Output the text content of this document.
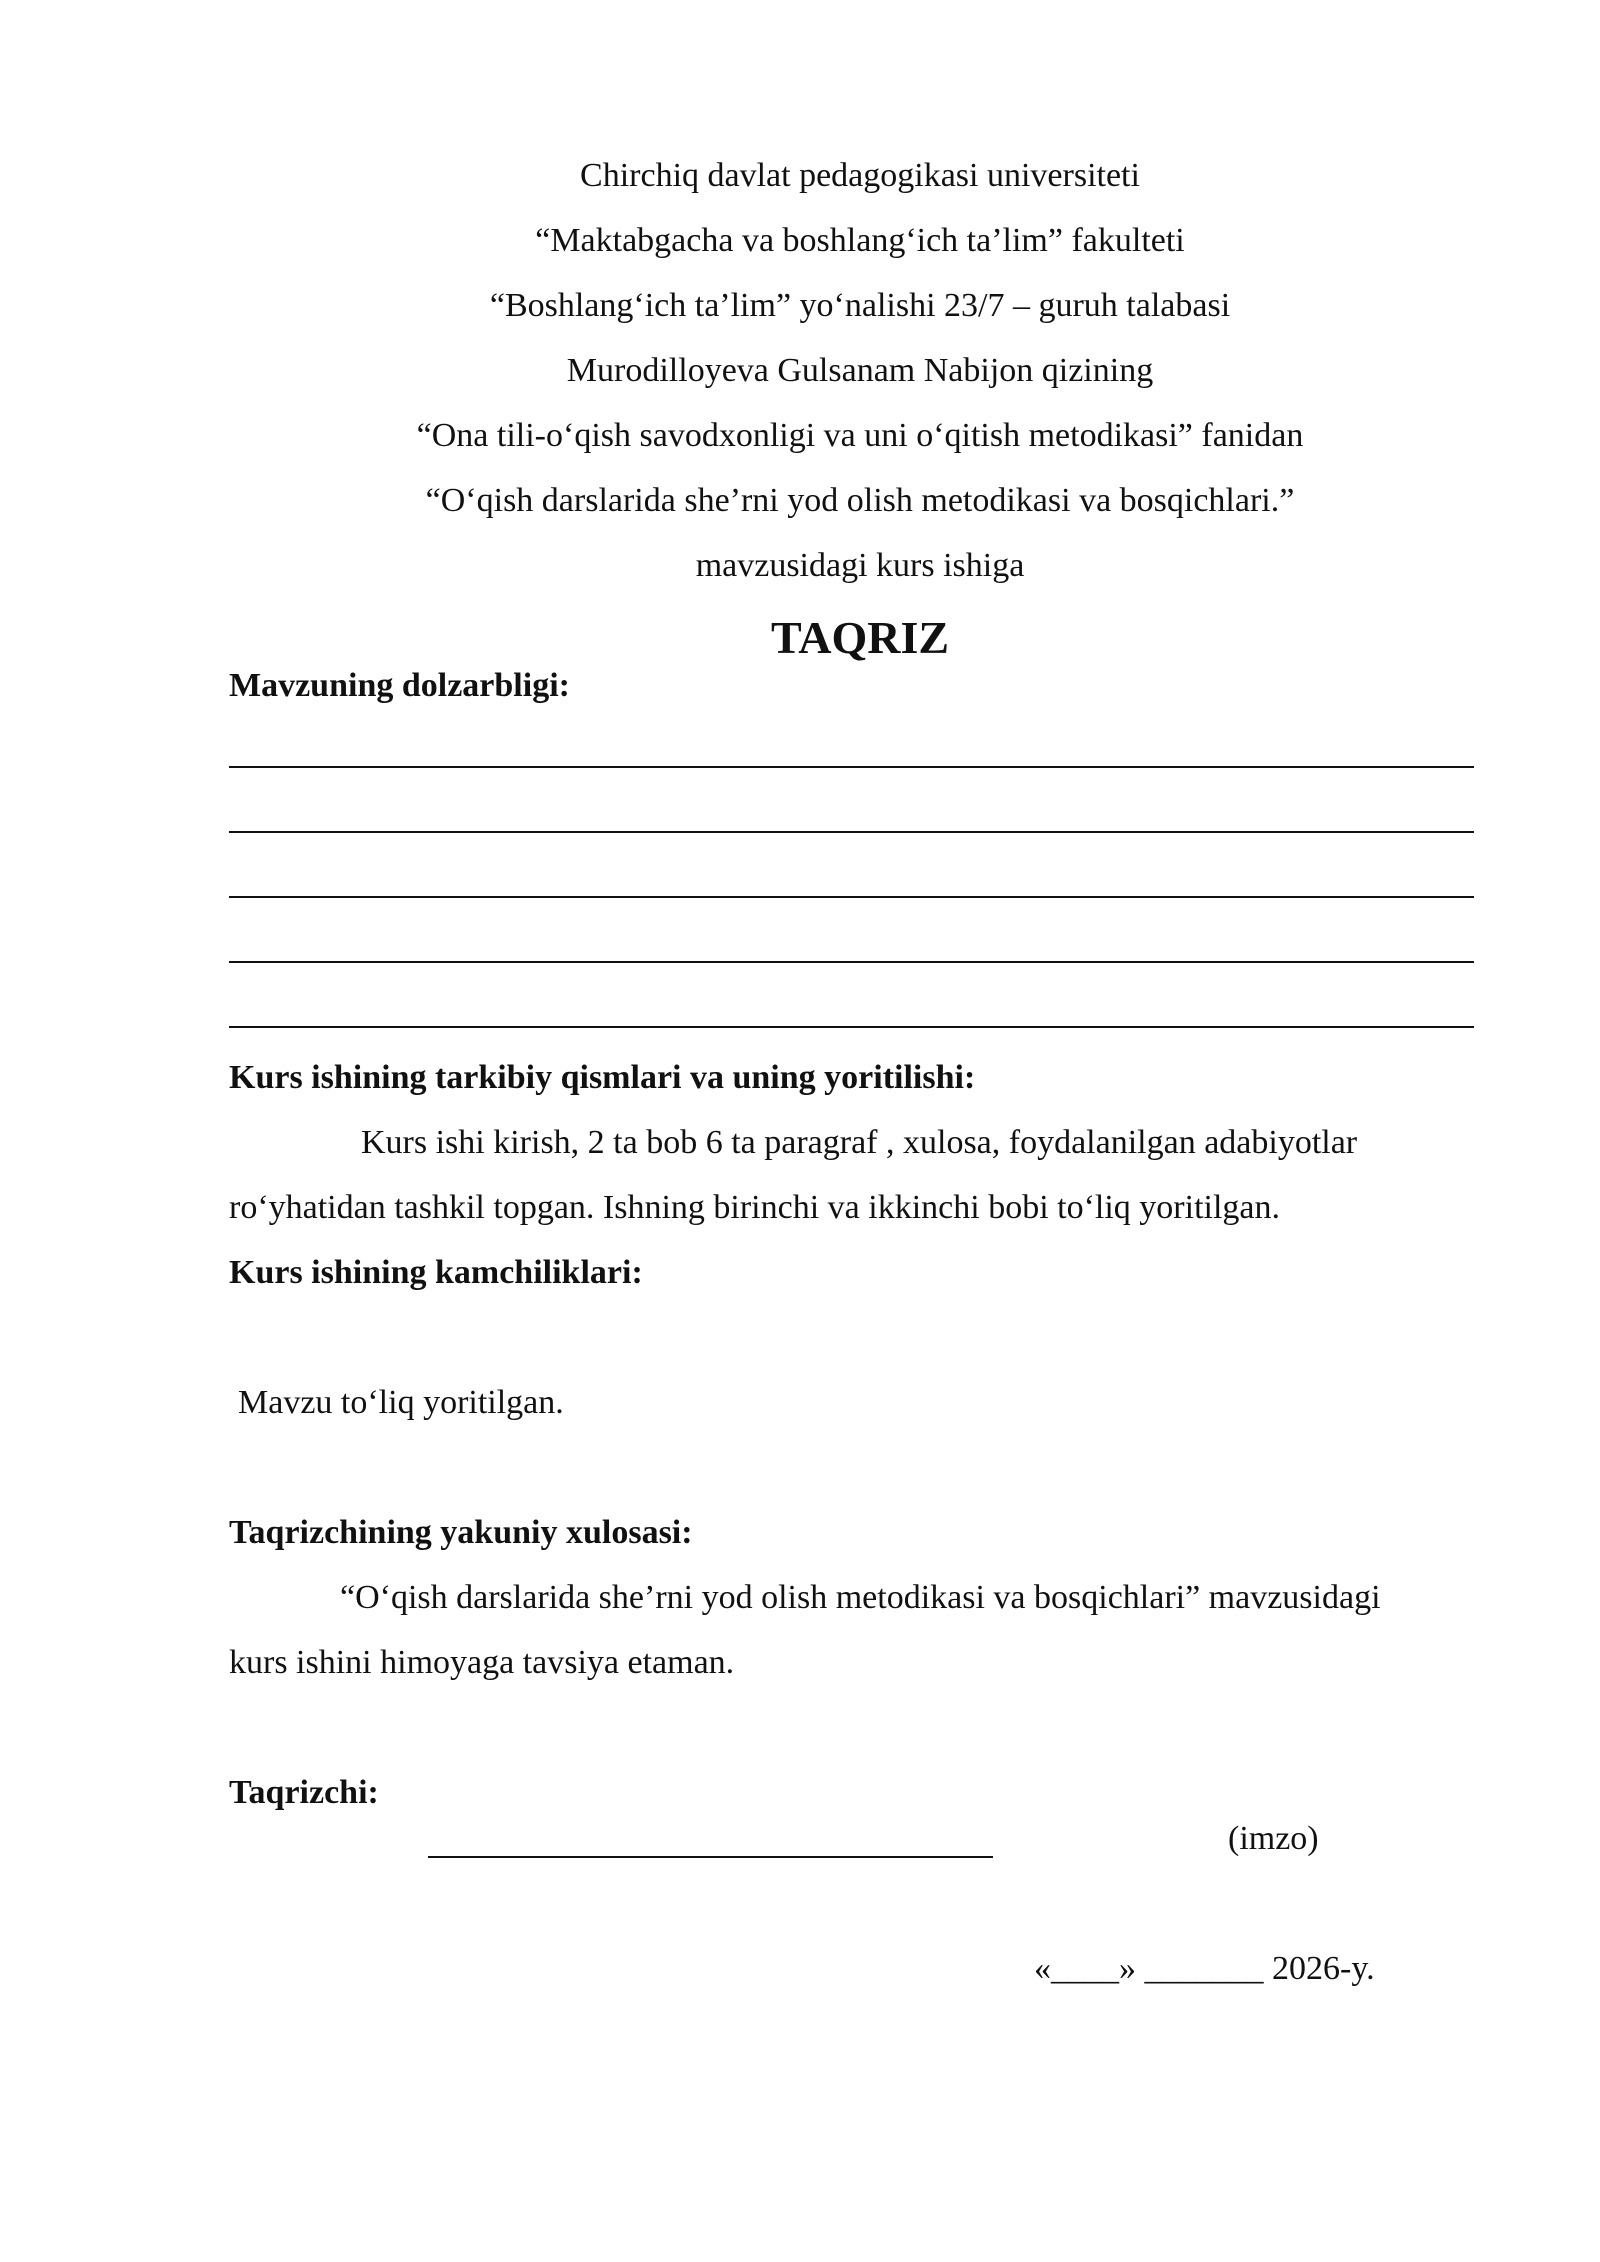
Chirchiq davlat pedagogikasi universiteti
“Maktabgacha va boshlang‘ich ta’lim” fakulteti
“Boshlang‘ich ta’lim” yo‘nalishi 23/7 – guruh talabasi
Murodilloyeva Gulsanam Nabijon qizining
“Ona tili-o‘qish savodxonligi va uni o‘qitish metodikasi” fanidan
“O‘qish darslarida she’rni yod olish metodikasi va bosqichlari.”
mavzusidagi kurs ishiga
TAQRIZ
Mavzuning dolzarbligi:
Kurs ishining tarkibiy qismlari va uning yoritilishi:
Kurs ishi kirish, 2 ta bob 6 ta paragraf , xulosa, foydalanilgan adabiyotlar
ro‘yhatidan tashkil topgan. Ishning birinchi va ikkinchi bobi to‘liq yoritilgan.
Kurs ishining kamchiliklari:
Mavzu to‘liq yoritilgan.
Taqrizchining yakuniy xulosasi:
“O‘qish darslarida she’rni yod olish metodikasi va bosqichlari” mavzusidagi
kurs ishini himoyaga tavsiya etaman.
Taqrizchi:
(imzo)
«____» _______ 2026-y.
